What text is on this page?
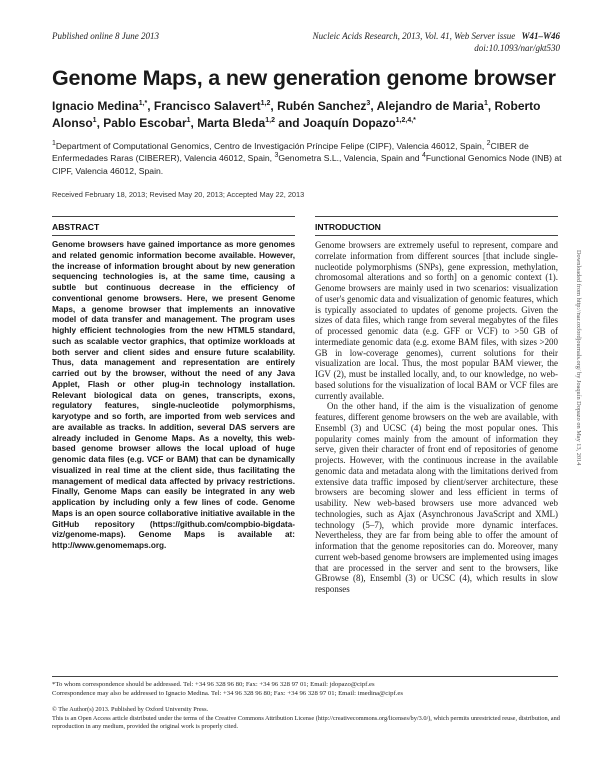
Published online 8 June 2013	Nucleic Acids Research, 2013, Vol. 41, Web Server issue W41–W46
doi:10.1093/nar/gkt530
Genome Maps, a new generation genome browser
Ignacio Medina$^{1,*}$, Francisco Salavert$^{1,2}$, Rubén Sanchez$^3$, Alejandro de Maria$^1$, Roberto Alonso$^1$, Pablo Escobar$^1$, Marta Bleda$^{1,2}$ and Joaquín Dopazo$^{1,2,4,*}$
$^1$Department of Computational Genomics, Centro de Investigación Príncipe Felipe (CIPF), Valencia 46012, Spain, $^2$CIBER de Enfermedades Raras (CIBERER), Valencia 46012, Spain, $^3$Genometra S.L., Valencia, Spain and $^4$Functional Genomics Node (INB) at CIPF, Valencia 46012, Spain.
Received February 18, 2013; Revised May 20, 2013; Accepted May 22, 2013
ABSTRACT	INTRODUCTION
Genome browsers have gained importance as more genomes and related genomic information become available. However, the increase of information brought about by new generation sequencing technologies is, at the same time, causing a subtle but continuous decrease in the efficiency of conventional genome browsers. Here, we present Genome Maps, a genome browser that implements an innovative model of data transfer and management. The program uses highly efficient technologies from the new HTML5 standard, such as scalable vector graphics, that optimize workloads at both server and client sides and ensure future scalability. Thus, data management and representation are entirely carried out by the browser, without the need of any Java Applet, Flash or other plug-in technology installation. Relevant biological data on genes, transcripts, exons, regulatory features, single-nucleotide polymorphisms, karyotype and so forth, are imported from web services and are available as tracks. In addition, several DAS servers are already included in Genome Maps. As a novelty, this web-based genome browser allows the local upload of huge genomic data files (e.g. VCF or BAM) that can be dynamically visualized in real time at the client side, thus facilitating the management of medical data affected by privacy restrictions. Finally, Genome Maps can easily be integrated in any web application by including only a few lines of code. Genome Maps is an open source collaborative initiative available in the GitHub repository (https://github.com/compbio-bigdata-viz/genome-maps). Genome Maps is available at: http://www.genomemaps.org.

Genome browsers are extremely useful to represent, compare and correlate information from different sources [that include single-nucleotide polymorphisms (SNPs), gene expression, methylation, chromosomal alterations and so forth] on a genomic context (1). Genome browsers are mainly used in two scenarios: visualization of user's genomic data and visualization of genomic features, which is typically associated to updates of genome projects. Given the sizes of data files, which range from several megabytes of the files of processed genomic data (e.g. GFF or VCF) to >50 GB of intermediate genomic data (e.g. exome BAM files, with sizes >200 GB in low-coverage genomes), current solutions for their visualization are local. Thus, the most popular BAM viewer, the IGV (2), must be installed locally, and, to our knowledge, no web-based solutions for the visualization of local BAM or VCF files are currently available.

On the other hand, if the aim is the visualization of genome features, different genome browsers on the web are available, with Ensembl (3) and UCSC (4) being the most popular ones. This popularity comes mainly from the amount of information they serve, given their character of front end of repositories of genome projects. However, with the continuous increase in the available genomic data and metadata along with the limitations derived from extensive data traffic imposed by client/server architecture, these browsers are becoming slower and less efficient in terms of usability. New web-based browsers use more advanced web technologies, such as Ajax (Asynchronous JavaScript and XML) technology (5–7), which provide more dynamic interfaces. Nevertheless, they are far from being able to offer the amount of information that the genome repositories can do. Moreover, many current web-based genome browsers are implemented using images that are processed in the server and sent to the browsers, like GBrowse (8), Ensembl (3) or UCSC (4), which results in slow responses

Downloaded from http://nar.oxfordjournals.org/ by Joaquín Dopazo on May 13, 2014
*To whom correspondence should be addressed. Tel: +34 96 328 96 80; Fax: +34 96 328 97 01; Email: jdopazo@cipf.es
Correspondence may also be addressed to Ignacio Medina. Tel: +34 96 328 96 80; Fax: +34 96 328 97 01; Email: imedina@cipf.es
© The Author(s) 2013. Published by Oxford University Press.
This is an Open Access article distributed under the terms of the Creative Commons Attribution License (http://creativecommons.org/licenses/by/3.0/), which permits unrestricted reuse, distribution, and reproduction in any medium, provided the original work is properly cited.
